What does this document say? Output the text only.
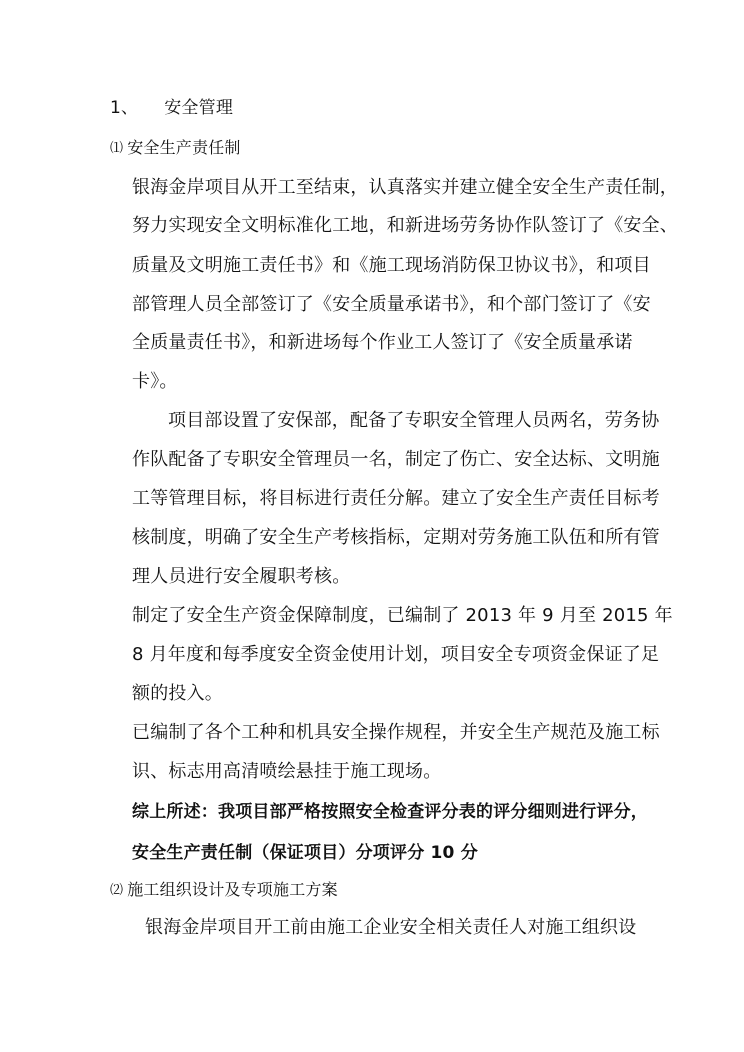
1、 安全管理
⑴ 安全生产责任制
银海金岸项目从开工至结束，认真落实并建立健全安全生产责任制，
努力实现安全文明标准化工地，和新进场劳务协作队签订了《安全、
质量及文明施工责任书》和《施工现场消防保卫协议书》，和项目
部管理人员全部签订了《安全质量承诺书》，和个部门签订了《安
全质量责任书》，和新进场每个作业工人签订了《安全质量承诺
卡》。
项目部设置了安保部，配备了专职安全管理人员两名，劳务协
作队配备了专职安全管理员一名，制定了伤亡、安全达标、文明施
工等管理目标，将目标进行责任分解。建立了安全生产责任目标考
核制度，明确了安全生产考核指标，定期对劳务施工队伍和所有管
理人员进行安全履职考核。
制定了安全生产资金保障制度，已编制了 2013 年 9 月至 2015 年
8 月年度和每季度安全资金使用计划，项目安全专项资金保证了足
额的投入。
已编制了各个工种和机具安全操作规程，并安全生产规范及施工标
识、标志用高清喷绘悬挂于施工现场。
综上所述：我项目部严格按照安全检查评分表的评分细则进行评分，
安全生产责任制（保证项目）分项评分 10 分
⑵ 施工组织设计及专项施工方案
银海金岸项目开工前由施工企业安全相关责任人对施工组织设
